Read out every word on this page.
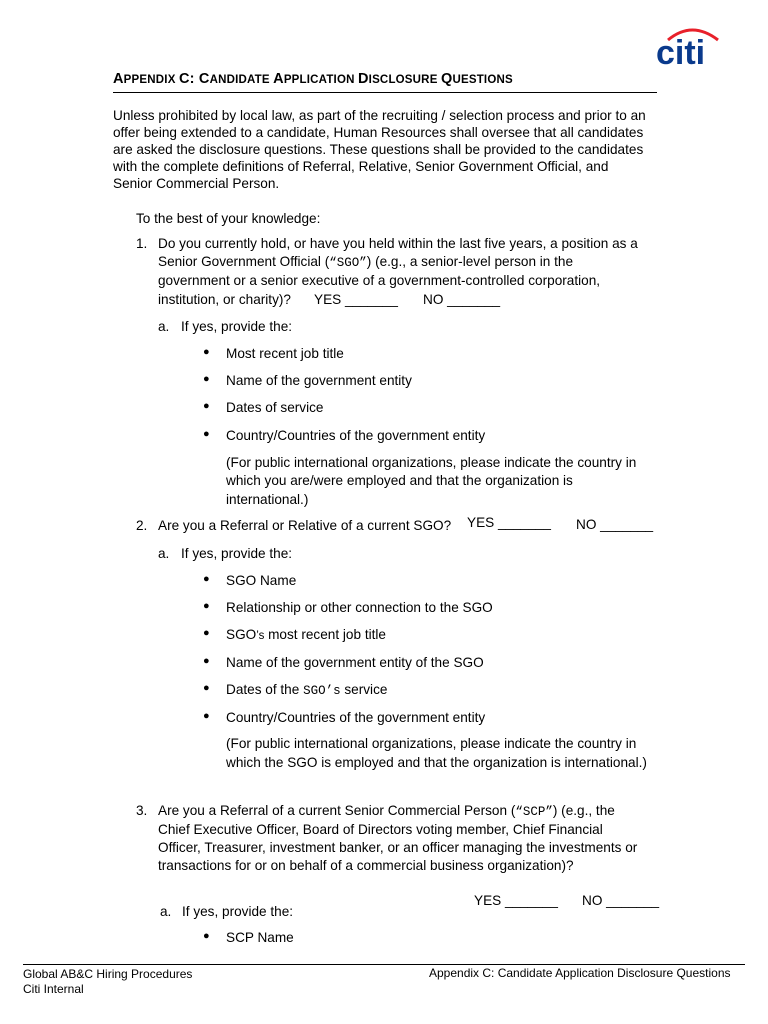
citi
APPENDIX C: CANDIDATE APPLICATION DISCLOSURE QUESTIONS
Unless prohibited by local law, as part of the recruiting / selection process and prior to an
offer being extended to a candidate, Human Resources shall oversee that all candidates
are asked the disclosure questions. These questions shall be provided to the candidates
with the complete definitions of Referral, Relative, Senior Government Official, and
Senior Commercial Person.
To the best of your knowledge:
1. Do you currently hold, or have you held within the last five years, a position as a
Senior Government Official (“SGO”) (e.g., a senior-level person in the
government or a senior executive of a government-controlled corporation,
institution, or charity)? YES _______ NO _______
a. If yes, provide the:
● Most recent job title
● Name of the government entity
● Dates of service
● Country/Countries of the government entity
(For public international organizations, please indicate the country in
which you are/were employed and that the organization is
international.)
2. Are you a Referral or Relative of a current SGO? YES _______ NO _______
a. If yes, provide the:
● SGO Name
● Relationship or other connection to the SGO
● SGO’s most recent job title
● Name of the government entity of the SGO
● Dates of the SGO’s service
● Country/Countries of the government entity
(For public international organizations, please indicate the country in
which the SGO is employed and that the organization is international.)
3. Are you a Referral of a current Senior Commercial Person (“SCP”) (e.g., the
Chief Executive Officer, Board of Directors voting member, Chief Financial
Officer, Treasurer, investment banker, or an officer managing the investments or
transactions for or on behalf of a commercial business organization)?
YES _______ NO _______
a. If yes, provide the:
● SCP Name
Global AB&C Hiring Procedures
Citi Internal
Appendix C: Candidate Application Disclosure Questions
